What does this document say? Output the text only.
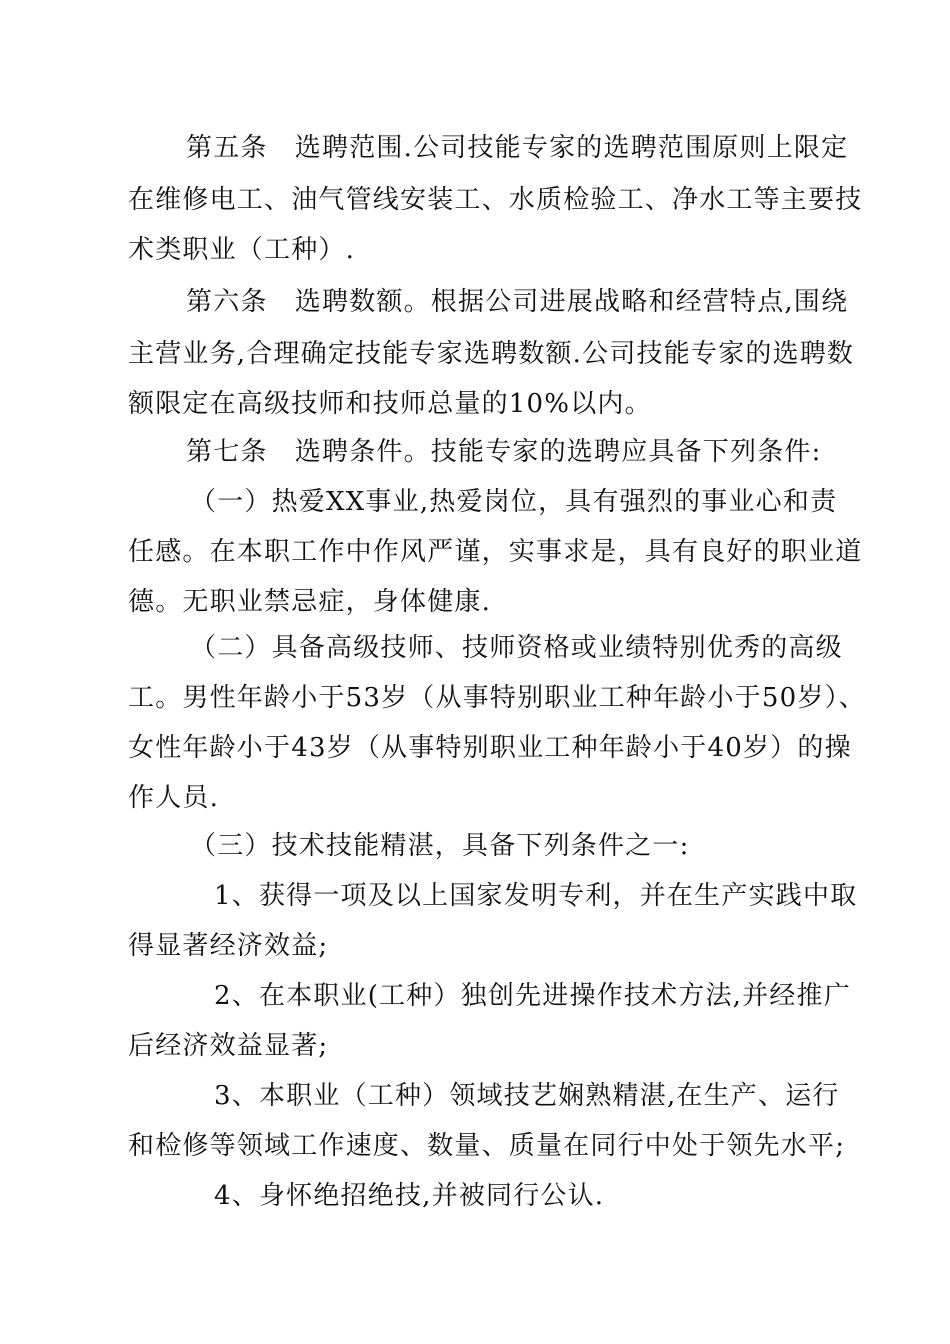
第五条　选聘范围.公司技能专家的选聘范围原则上限定
在维修电工、油气管线安装工、水质检验工、净水工等主要技
术类职业（工种）.
第六条　选聘数额。根据公司进展战略和经营特点,围绕
主营业务,合理确定技能专家选聘数额.公司技能专家的选聘数
额限定在高级技师和技师总量的10%以内。
第七条　选聘条件。技能专家的选聘应具备下列条件:
（一）热爱XX事业,热爱岗位，具有强烈的事业心和责
任感。在本职工作中作风严谨，实事求是，具有良好的职业道
德。无职业禁忌症，身体健康.
（二）具备高级技师、技师资格或业绩特别优秀的高级
工。男性年龄小于53岁（从事特别职业工种年龄小于50岁）、
女性年龄小于43岁（从事特别职业工种年龄小于40岁）的操
作人员.
（三）技术技能精湛，具备下列条件之一:
1、获得一项及以上国家发明专利，并在生产实践中取
得显著经济效益;
2、在本职业(工种）独创先进操作技术方法,并经推广
后经济效益显著;
3、本职业（工种）领域技艺娴熟精湛,在生产、运行
和检修等领域工作速度、数量、质量在同行中处于领先水平;
4、身怀绝招绝技,并被同行公认.
